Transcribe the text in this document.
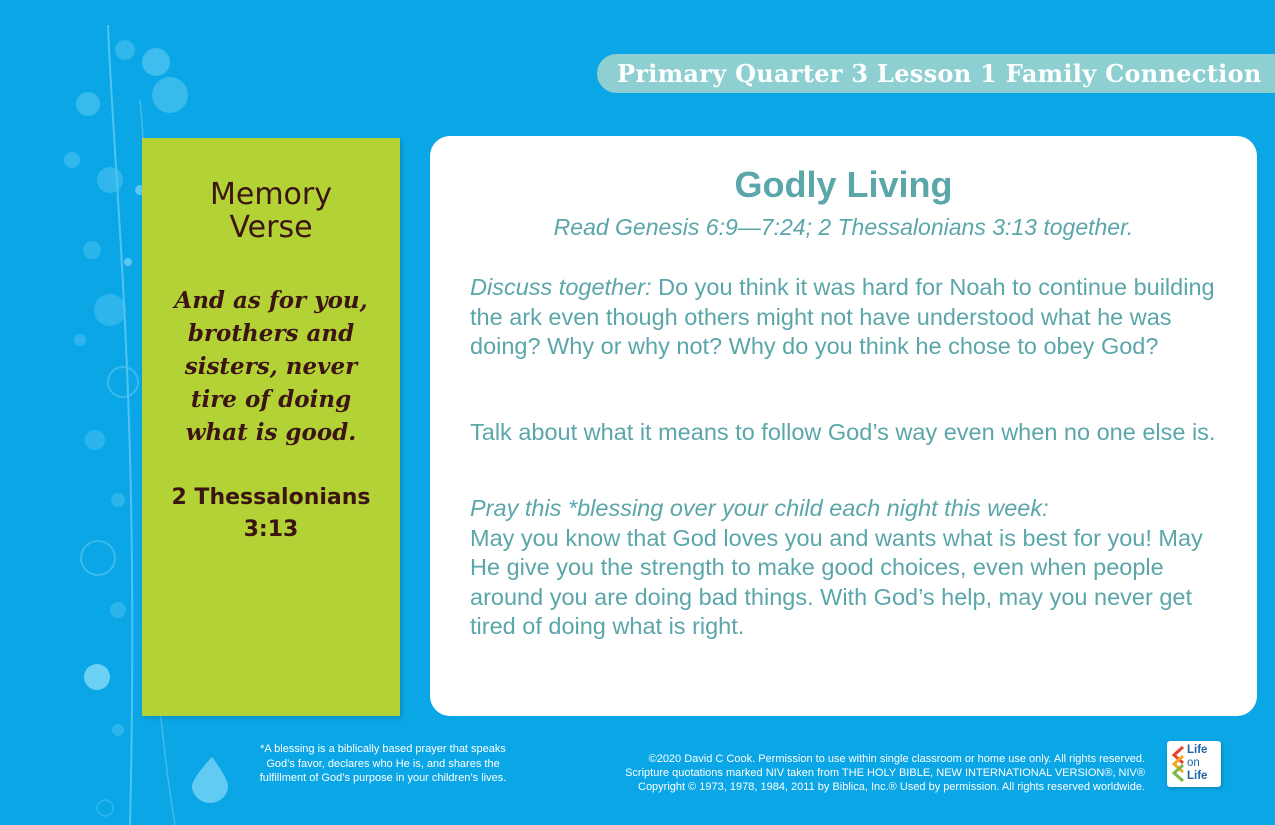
Primary Quarter 3 Lesson 1 Family Connection
Memory
Verse
And as for you,
brothers and
sisters, never
tire of doing
what is good.
2 Thessalonians
3:13
Godly Living
Read Genesis 6:9—7:24; 2 Thessalonians 3:13 together.
Discuss together: Do you think it was hard for Noah to continue building the ark even though others might not have understood what he was doing? Why or why not? Why do you think he chose to obey God?
Talk about what it means to follow God’s way even when no one else is.
Pray this *blessing over your child each night this week:
May you know that God loves you and wants what is best for you! May He give you the strength to make good choices, even when people around you are doing bad things. With God’s help, may you never get tired of doing what is right.
*A blessing is a biblically based prayer that speaks
God’s favor, declares who He is, and shares the
fulfillment of God’s purpose in your children’s lives.
©2020 David C Cook. Permission to use within single classroom or home use only. All rights reserved.
Scripture quotations marked NIV taken from THE HOLY BIBLE, NEW INTERNATIONAL VERSION®, NIV®
Copyright © 1973, 1978, 1984, 2011 by Biblica, Inc.® Used by permission. All rights reserved worldwide.
Life
on
Life
